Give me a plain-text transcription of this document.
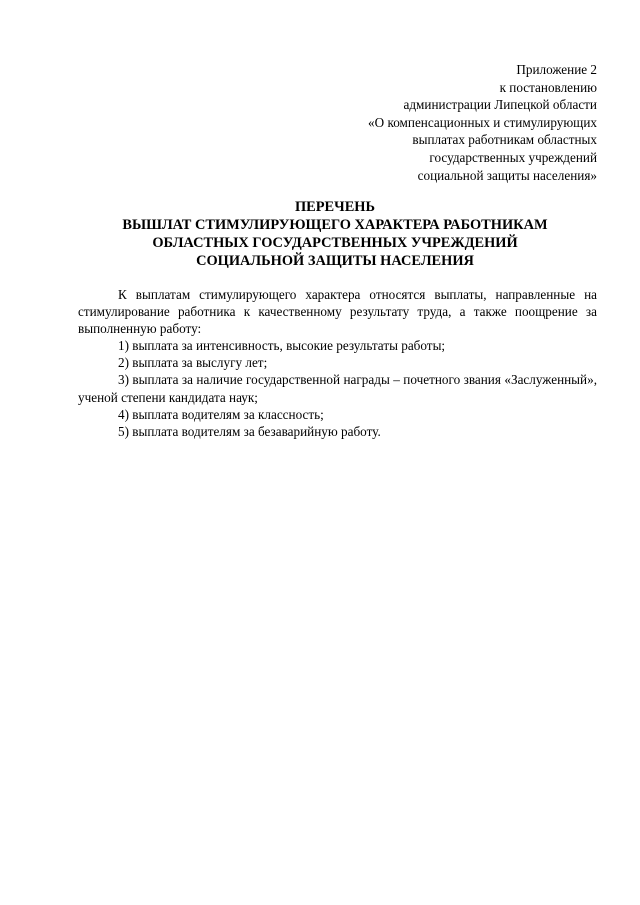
Приложение 2
к постановлению
администрации Липецкой области
«О компенсационных и стимулирующих
выплатах работникам областных
государственных учреждений
социальной защиты населения»
ПЕРЕЧЕНЬ
ВЫШЛАТ СТИМУЛИРУЮЩЕГО ХАРАКТЕРА РАБОТНИКАМ
ОБЛАСТНЫХ ГОСУДАРСТВЕННЫХ УЧРЕЖДЕНИЙ
СОЦИАЛЬНОЙ ЗАЩИТЫ НАСЕЛЕНИЯ

К выплатам стимулирующего характера относятся выплаты, направленные на стимулирование работника к качественному результату труда, а также поощрение за выполненную работу:

1) выплата за интенсивность, высокие результаты работы;

2) выплата за выслугу лет;

3) выплата за наличие государственной награды – почетного звания «Заслуженный», ученой степени кандидата наук;

4) выплата водителям за классность;

5) выплата водителям за безаварийную работу.
